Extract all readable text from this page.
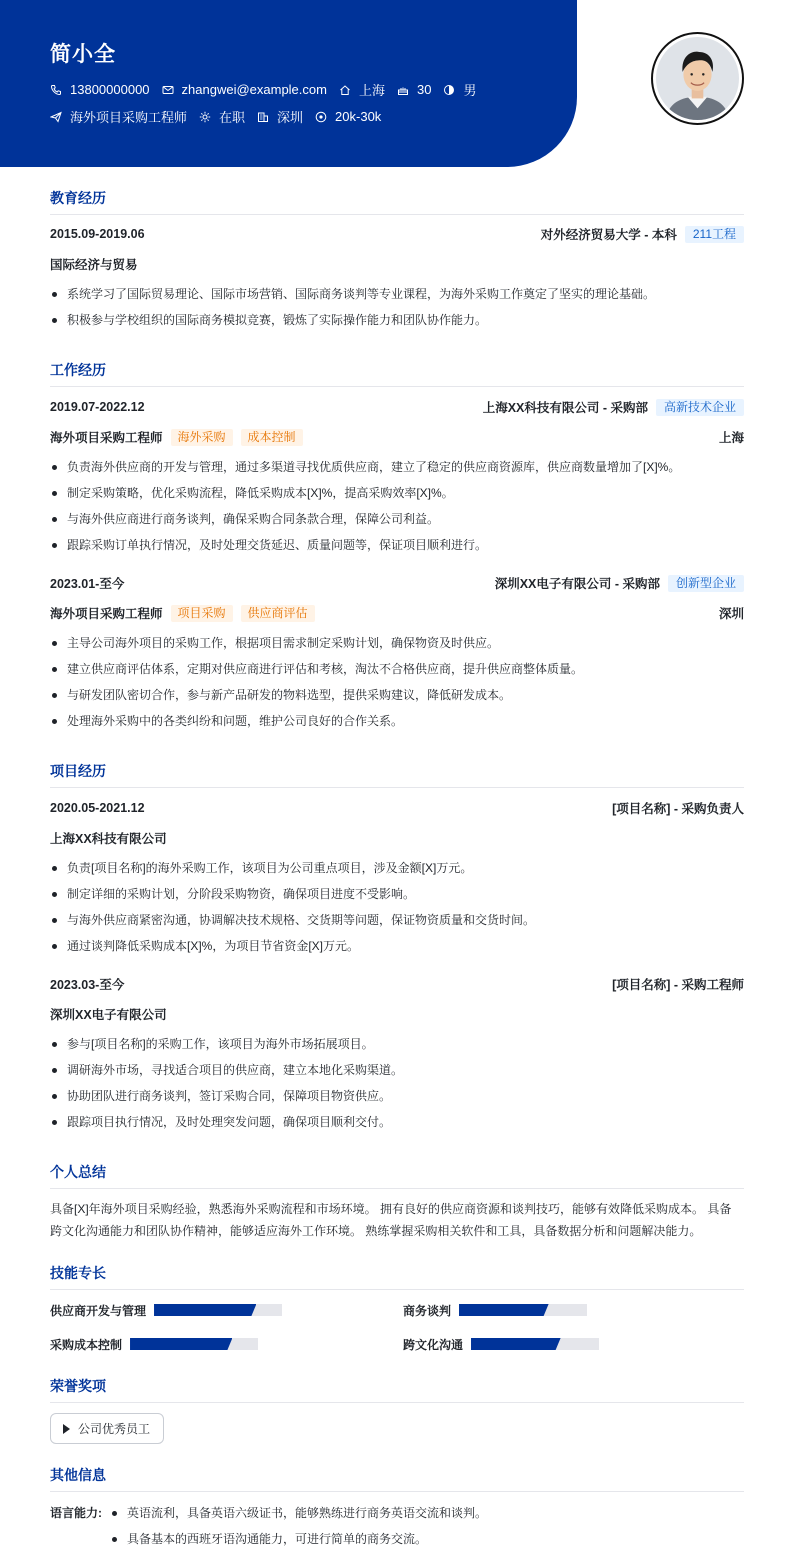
简小全
13800000000 zhangwei@example.com 上海 30 男
海外项目采购工程师 在职 深圳 20k-30k
教育经历
2015.09-2019.06	对外经济贸易大学 - 本科	211工程
国际经济与贸易
系统学习了国际贸易理论、国际市场营销、国际商务谈判等专业课程，为海外采购工作奠定了坚实的理论基础。
积极参与学校组织的国际商务模拟竞赛，锻炼了实际操作能力和团队协作能力。
工作经历
2019.07-2022.12	上海XX科技有限公司 - 采购部	高新技术企业
海外项目采购工程师	海外采购	成本控制	上海
负责海外供应商的开发与管理，通过多渠道寻找优质供应商，建立了稳定的供应商资源库，供应商数量增加了[X]%。
制定采购策略，优化采购流程，降低采购成本[X]%，提高采购效率[X]%。
与海外供应商进行商务谈判，确保采购合同条款合理，保障公司利益。
跟踪采购订单执行情况，及时处理交货延迟、质量问题等，保证项目顺利进行。
2023.01-至今	深圳XX电子有限公司 - 采购部	创新型企业
海外项目采购工程师	项目采购	供应商评估	深圳
主导公司海外项目的采购工作，根据项目需求制定采购计划，确保物资及时供应。
建立供应商评估体系，定期对供应商进行评估和考核，淘汰不合格供应商，提升供应商整体质量。
与研发团队密切合作，参与新产品研发的物料选型，提供采购建议，降低研发成本。
处理海外采购中的各类纠纷和问题，维护公司良好的合作关系。
项目经历
2020.05-2021.12	[项目名称] - 采购负责人
上海XX科技有限公司
负责[项目名称]的海外采购工作，该项目为公司重点项目，涉及金额[X]万元。
制定详细的采购计划，分阶段采购物资，确保项目进度不受影响。
与海外供应商紧密沟通，协调解决技术规格、交货期等问题，保证物资质量和交货时间。
通过谈判降低采购成本[X]%，为项目节省资金[X]万元。
2023.03-至今	[项目名称] - 采购工程师
深圳XX电子有限公司
参与[项目名称]的采购工作，该项目为海外市场拓展项目。
调研海外市场，寻找适合项目的供应商，建立本地化采购渠道。
协助团队进行商务谈判，签订采购合同，保障项目物资供应。
跟踪项目执行情况，及时处理突发问题，确保项目顺利交付。
个人总结
具备[X]年海外项目采购经验，熟悉海外采购流程和市场环境。 拥有良好的供应商资源和谈判技巧，能够有效降低采购成本。 具备
跨文化沟通能力和团队协作精神，能够适应海外工作环境。 熟练掌握采购相关软件和工具，具备数据分析和问题解决能力。
技能专长
供应商开发与管理	商务谈判
采购成本控制	跨文化沟通
荣誉奖项
公司优秀员工
其他信息
语言能力:	英语流利，具备英语六级证书，能够熟练进行商务英语交流和谈判。
具备基本的西班牙语沟通能力，可进行简单的商务交流。
